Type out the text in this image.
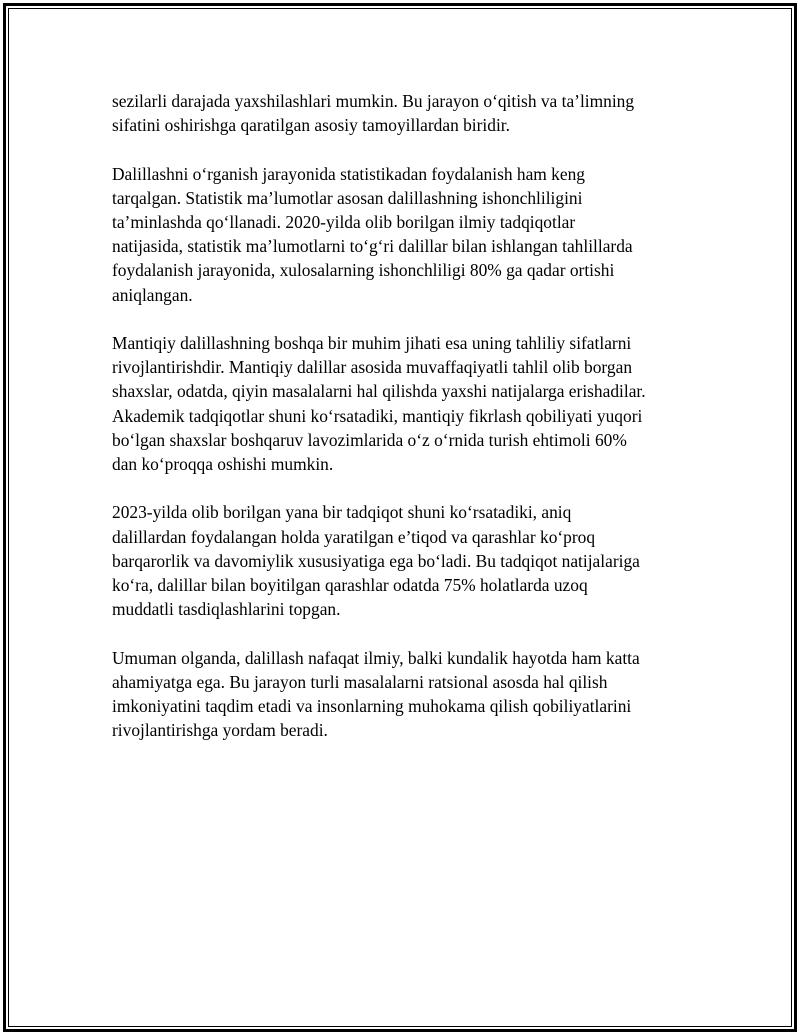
sezilarli darajada yaxshilashlari mumkin. Bu jarayon o‘qitish va ta’limning
sifatini oshirishga qaratilgan asosiy tamoyillardan biridir.

Dalillashni o‘rganish jarayonida statistikadan foydalanish ham keng
tarqalgan. Statistik ma’lumotlar asosan dalillashning ishonchliligini
ta’minlashda qo‘llanadi. 2020-yilda olib borilgan ilmiy tadqiqotlar
natijasida, statistik ma’lumotlarni to‘g‘ri dalillar bilan ishlangan tahlillarda
foydalanish jarayonida, xulosalarning ishonchliligi 80% ga qadar ortishi
aniqlangan.

Mantiqiy dalillashning boshqa bir muhim jihati esa uning tahliliy sifatlarni
rivojlantirishdir. Mantiqiy dalillar asosida muvaffaqiyatli tahlil olib borgan
shaxslar, odatda, qiyin masalalarni hal qilishda yaxshi natijalarga erishadilar.
Akademik tadqiqotlar shuni ko‘rsatadiki, mantiqiy fikrlash qobiliyati yuqori
bo‘lgan shaxslar boshqaruv lavozimlarida o‘z o‘rnida turish ehtimoli 60%
dan ko‘proqqa oshishi mumkin.

2023-yilda olib borilgan yana bir tadqiqot shuni ko‘rsatadiki, aniq
dalillardan foydalangan holda yaratilgan e’tiqod va qarashlar ko‘proq
barqarorlik va davomiylik xususiyatiga ega bo‘ladi. Bu tadqiqot natijalariga
ko‘ra, dalillar bilan boyitilgan qarashlar odatda 75% holatlarda uzoq
muddatli tasdiqlashlarini topgan.

Umuman olganda, dalillash nafaqat ilmiy, balki kundalik hayotda ham katta
ahamiyatga ega. Bu jarayon turli masalalarni ratsional asosda hal qilish
imkoniyatini taqdim etadi va insonlarning muhokama qilish qobiliyatlarini
rivojlantirishga yordam beradi.
